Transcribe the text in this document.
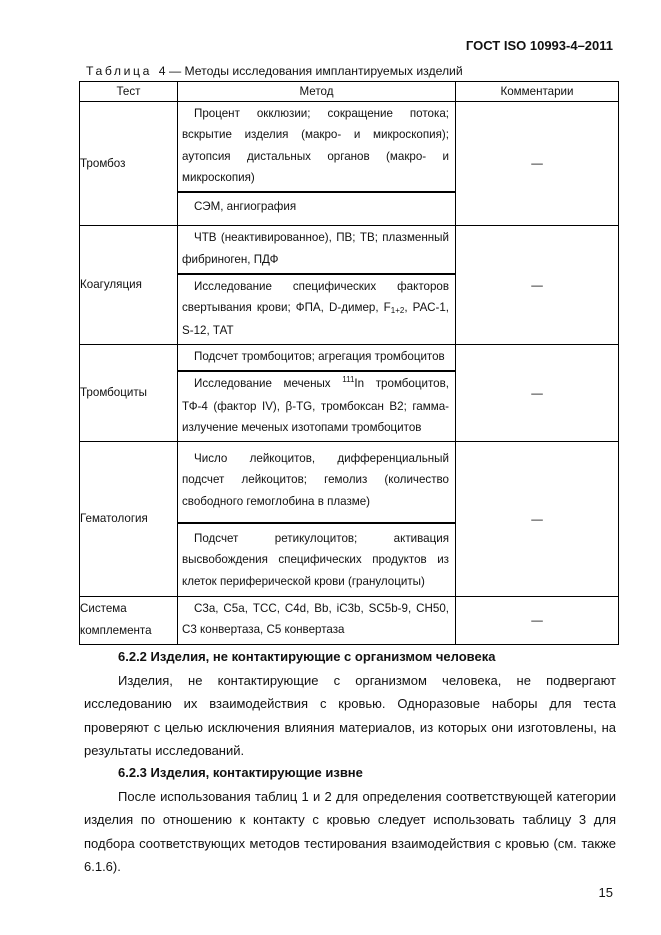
ГОСТ ISO 10993-4–2011
Таблица 4 — Методы исследования имплантируемых изделий
Тест	Метод	Комментарии
Тромбоз	Процент окклюзии; сокращение потока; вскрытие изделия (макро- и микроскопия); аутопсия дистальных органов (макро- и микроскопия)
СЭМ, ангиография	—
Коагуляция	ЧТВ (неактивированное), ПВ; ТВ; плазменный фибриноген, ПДФ
Исследование специфических факторов свертывания крови; ФПА, D-димер, F1+2, РАС-1, S-12, ТАТ	—
Тромбоциты	Подсчет тромбоцитов; агрегация тромбоцитов
Исследование меченых $^{111}$In тромбоцитов, ТФ-4 (фактор IV), β-TG, тромбоксан В2; гамма-излучение меченых изотопами тромбоцитов	—
Гематология	Число лейкоцитов, дифференциальный подсчет лейкоцитов; гемолиз (количество свободного гемоглобина в плазме)
Подсчет ретикулоцитов; активация высвобождения специфических продуктов из клеток периферической крови (гранулоциты)	—
Система комплемента	С3а, С5а, ТСС, С4d, Bb, iC3b, SC5b-9, CH50, С3 конвертаза, С5 конвертаза	—
6.2.2 Изделия, не контактирующие с организмом человека
Изделия, не контактирующие с организмом человека, не подвергают исследованию их взаимодействия с кровью. Одноразовые наборы для теста проверяют с целью исключения влияния материалов, из которых они изготовлены, на результаты исследований.
6.2.3 Изделия, контактирующие извне
После использования таблиц 1 и 2 для определения соответствующей категории изделия по отношению к контакту с кровью следует использовать таблицу 3 для подбора соответствующих методов тестирования взаимодействия с кровью (см. также 6.1.6).
15
